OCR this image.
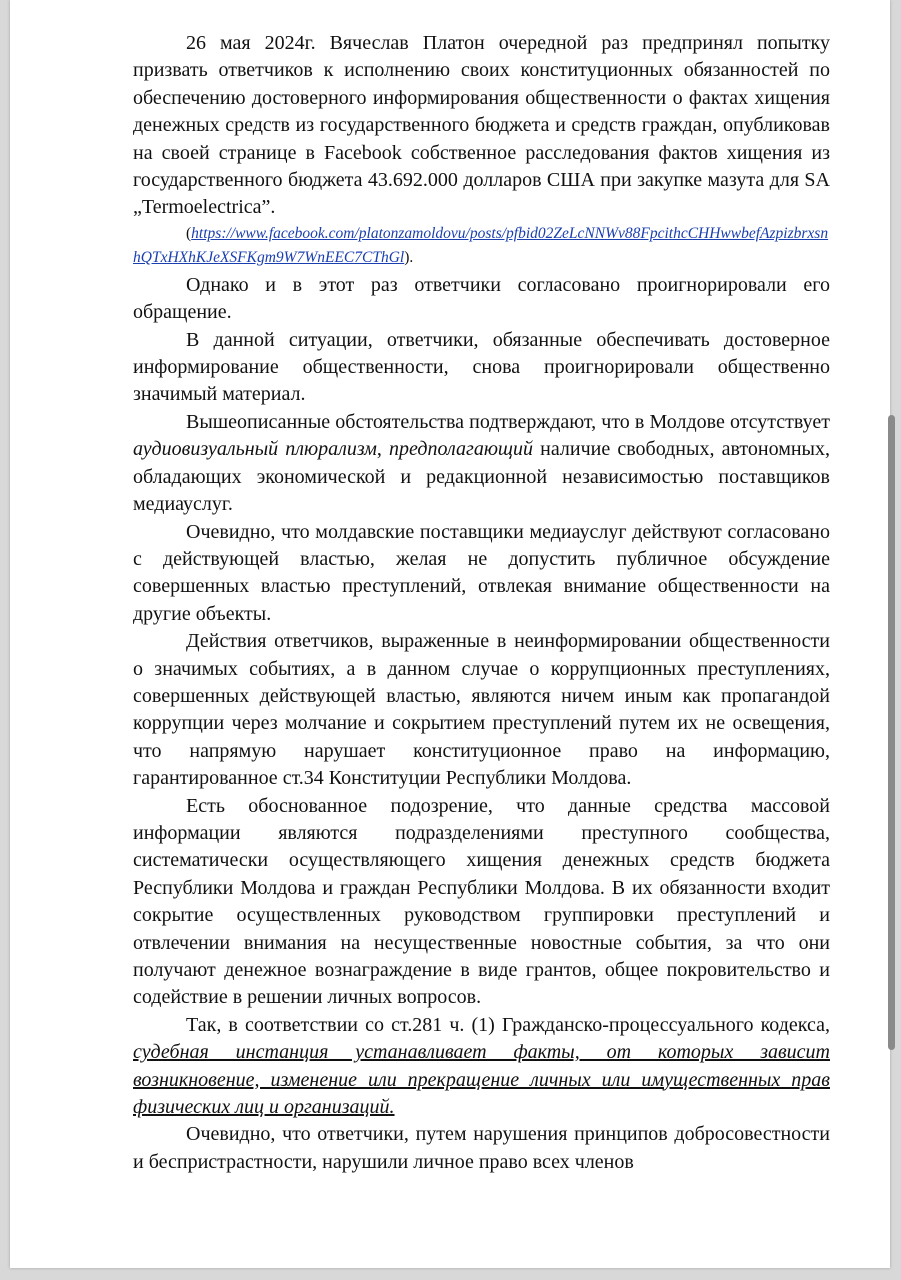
26 мая 2024г. Вячеслав Платон очередной раз предпринял попытку призвать ответчиков к исполнению своих конституционных обязанностей по обеспечению достоверного информирования общественности о фактах хищения денежных средств из государственного бюджета и средств граждан, опубликовав на своей странице в Facebook собственное расследования фактов хищения из государственного бюджета 43.692.000 долларов США при закупке мазута для SA „Termoelectrica”.

(https://www.facebook.com/platonzamoldovu/posts/pfbid02ZeLcNNWv88FpcithcCHHwwbefAzpizbrxsnhQTxHXhKJeXSFKgm9W7WnEEC7CThGl).

Однако и в этот раз ответчики согласовано проигнорировали его обращение.

В данной ситуации, ответчики, обязанные обеспечивать достоверное информирование общественности, снова проигнорировали общественно значимый материал.

Вышеописанные обстоятельства подтверждают, что в Молдове отсутствует аудиовизуальный плюрализм, предполагающий наличие свободных, автономных, обладающих экономической и редакционной независимостью поставщиков медиауслуг.

Очевидно, что молдавские поставщики медиауслуг действуют согласовано с действующей властью, желая не допустить публичное обсуждение совершенных властью преступлений, отвлекая внимание общественности на другие объекты.

Действия ответчиков, выраженные в неинформировании общественности о значимых событиях, а в данном случае о коррупционных преступлениях, совершенных действующей властью, являются ничем иным как пропагандой коррупции через молчание и сокрытием преступлений путем их не освещения, что напрямую нарушает конституционное право на информацию, гарантированное ст.34 Конституции Республики Молдова.

Есть обоснованное подозрение, что данные средства массовой информации являются подразделениями преступного сообщества, систематически осуществляющего хищения денежных средств бюджета Республики Молдова и граждан Республики Молдова. В их обязанности входит сокрытие осуществленных руководством группировки преступлений и отвлечении внимания на несущественные новостные события, за что они получают денежное вознаграждение в виде грантов, общее покровительство и содействие в решении личных вопросов.

Так, в соответствии со ст.281 ч. (1) Гражданско-процессуального кодекса, судебная инстанция устанавливает факты, от которых зависит возникновение, изменение или прекращение личных или имущественных прав физических лиц и организаций.

Очевидно, что ответчики, путем нарушения принципов добросовестности и беспристрастности, нарушили личное право всех членов
